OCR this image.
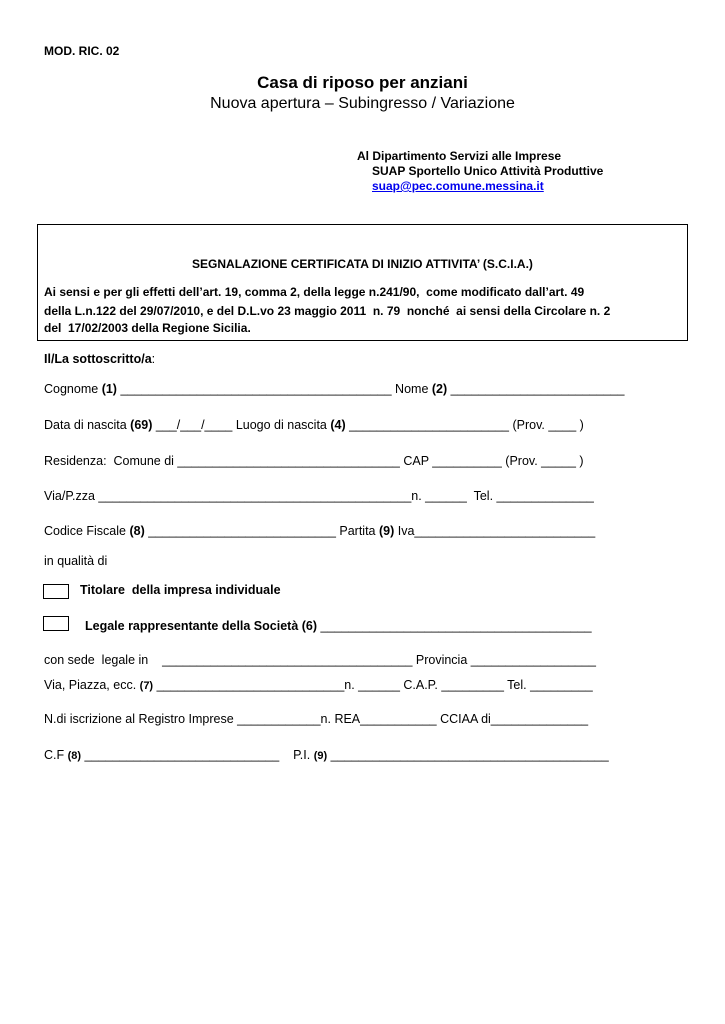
MOD. RIC. 02
Casa di riposo per anziani
Nuova apertura – Subingresso / Variazione
Al Dipartimento Servizi alle Imprese
SUAP Sportello Unico Attività Produttive
suap@pec.comune.messina.it
SEGNALAZIONE CERTIFICATA DI INIZIO ATTIVITA’ (S.C.I.A.)
Ai sensi e per gli effetti dell’art. 19, comma 2, della legge n.241/90,  come modificato dall’art. 49
della L.n.122 del 29/07/2010, e del D.L.vo 23 maggio 2011  n. 79  nonché  ai sensi della Circolare n. 2
del  17/02/2003 della Regione Sicilia.
Il/La sottoscritto/a:
Cognome (1) _______________________________________ Nome (2) _________________________
Data di nascita (69) ___/___/____ Luogo di nascita (4) _______________________ (Prov. ____ )
Residenza:  Comune di ________________________________ CAP __________ (Prov. _____ )
Via/P.zza _____________________________________________n. ______  Tel. ______________
Codice Fiscale (8) ___________________________ Partita (9) Iva__________________________
in qualità di
Titolare  della impresa individuale
Legale rappresentante della Società (6) _______________________________________
con sede  legale in    ____________________________________ Provincia __________________
Via, Piazza, ecc. (7) ___________________________n. ______ C.A.P. _________ Tel. _________
N.di iscrizione al Registro Imprese ____________n. REA___________ CCIAA di______________
C.F (8) ____________________________    P.I. (9) ________________________________________
